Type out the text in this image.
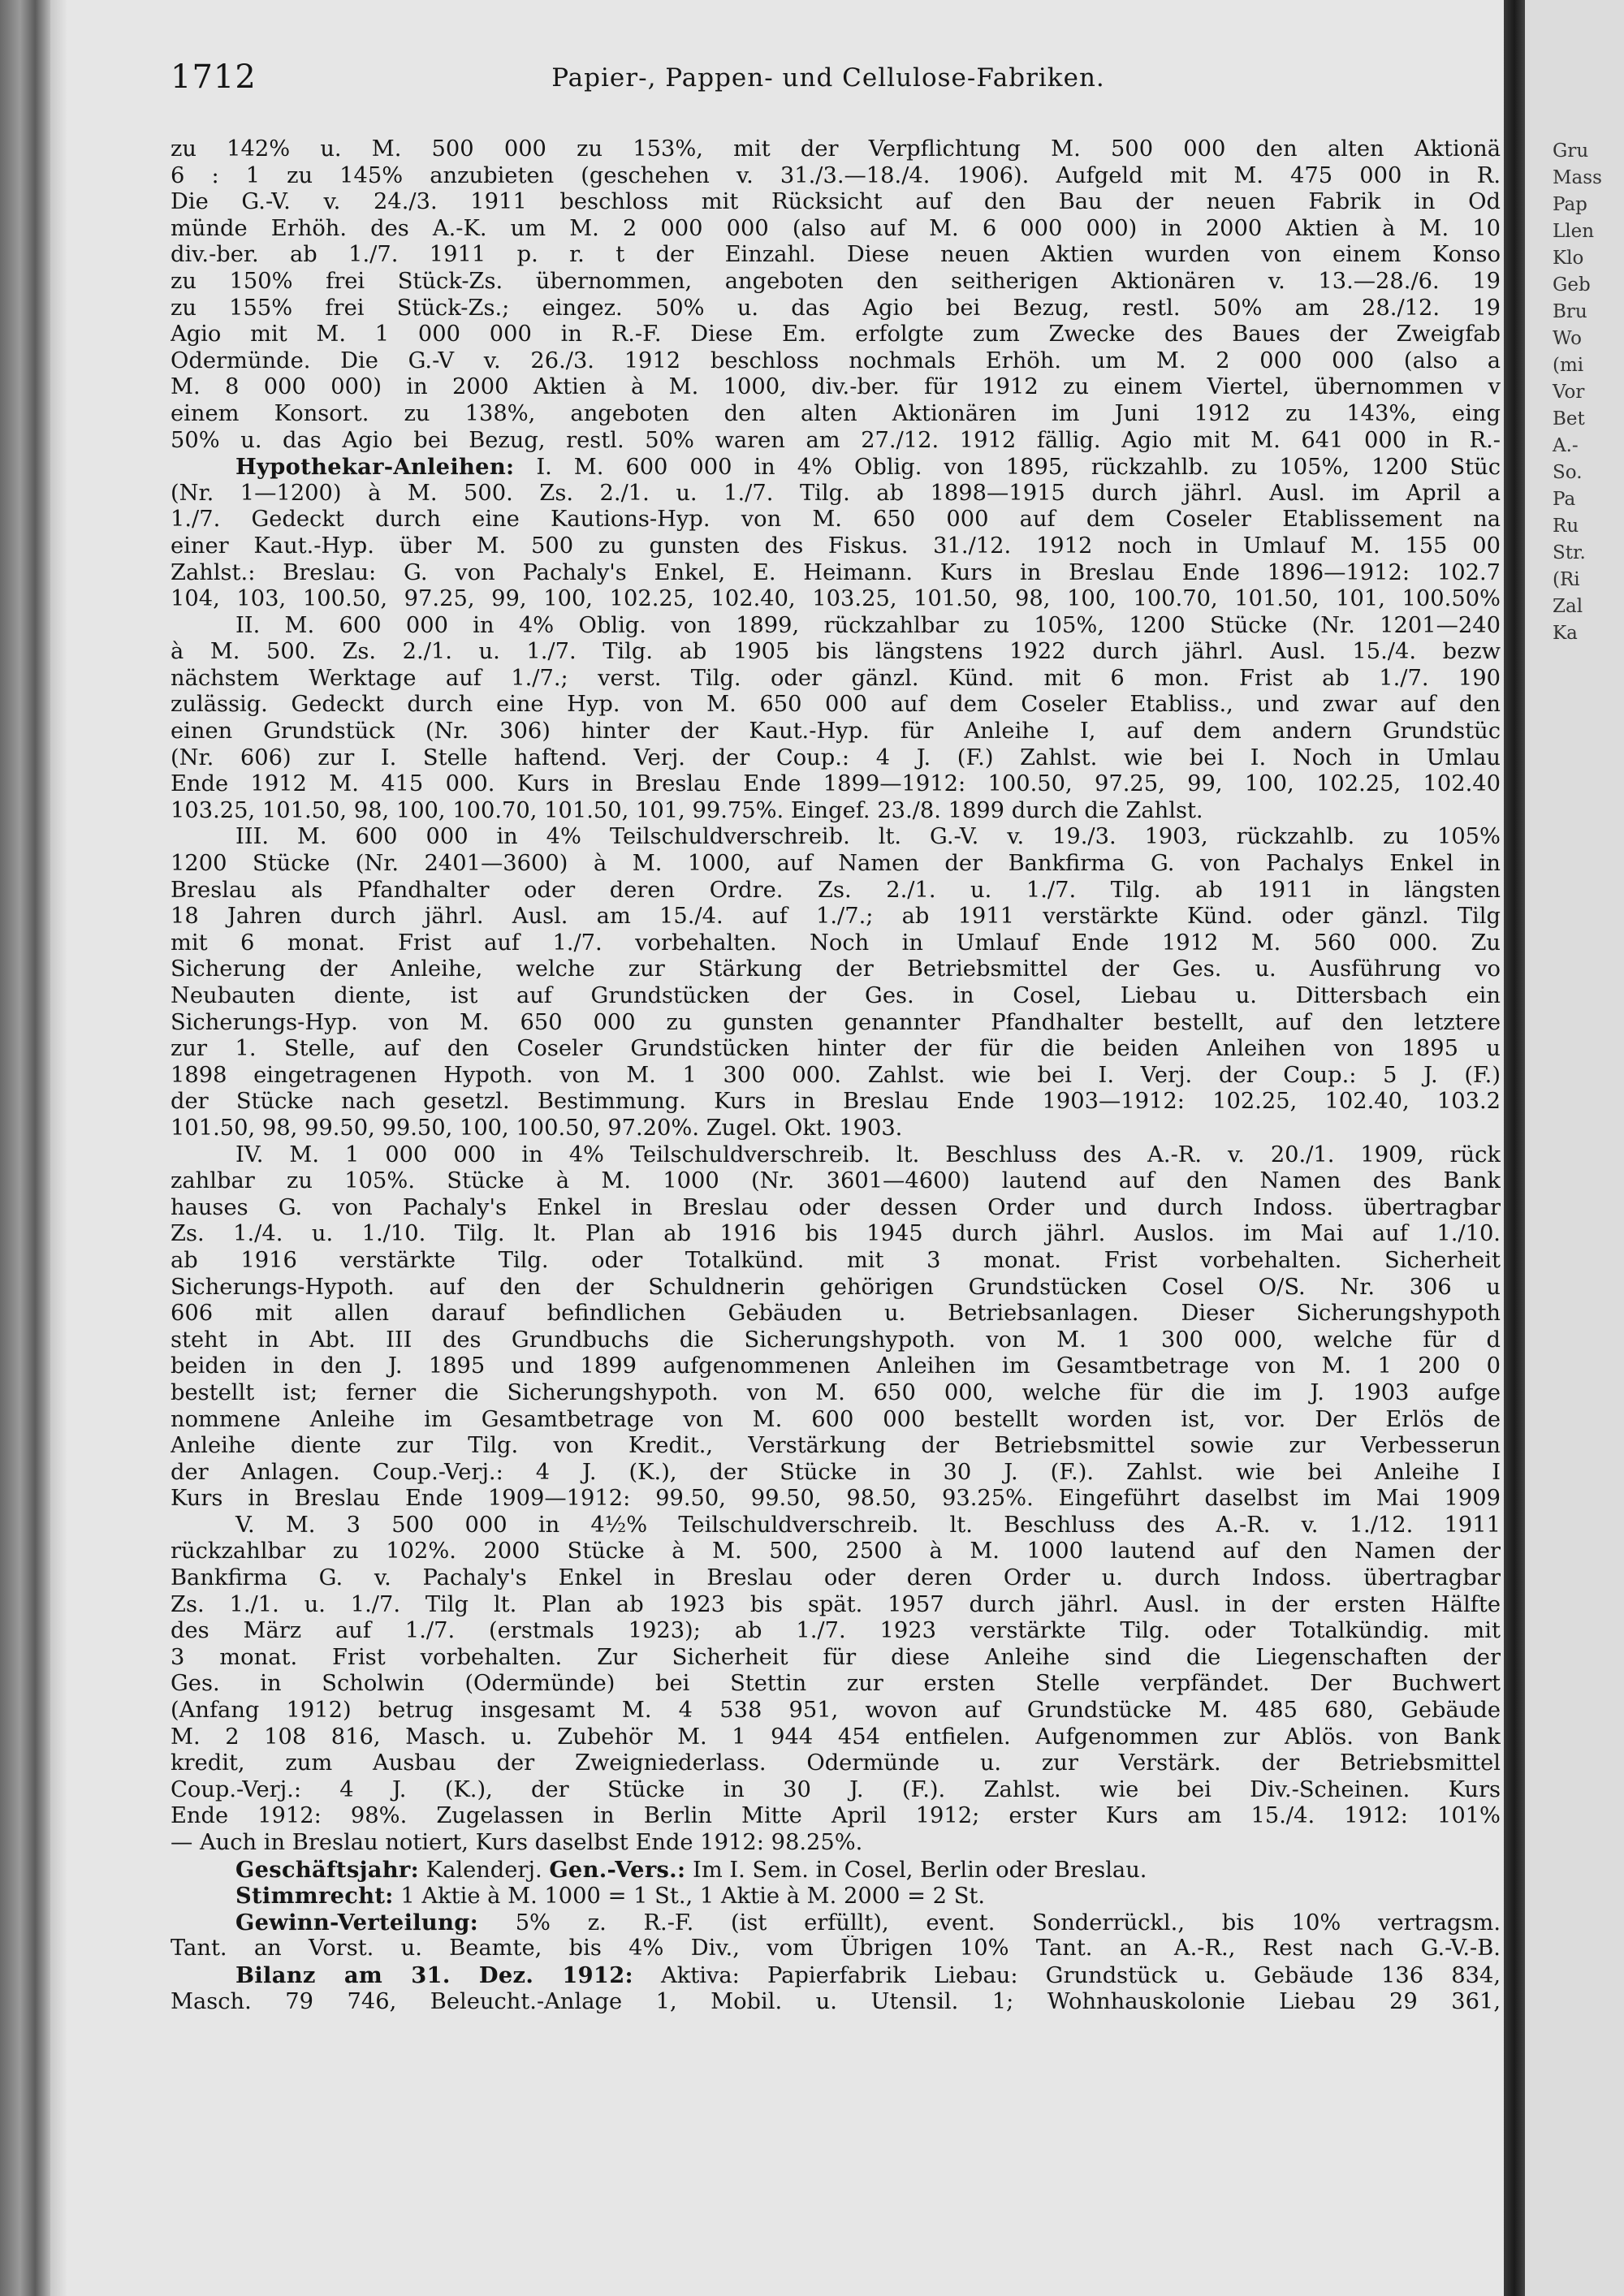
Gru
Mass
Pap
Llen
Klo
Geb
Bru
Wo
(mi
Vor
Bet
A.-
So.
Pa
Ru
Str.
(Ri
Zal
Ka
1712	Papier-, Pappen- und Cellulose-Fabriken.
zu 142% u. M. 500 000 zu 153%, mit der Verpflichtung M. 500 000 den alten Aktionä
6 : 1 zu 145% anzubieten (geschehen v. 31./3.—18./4. 1906). Aufgeld mit M. 475 000 in R.
Die G.-V. v. 24./3. 1911 beschloss mit Rücksicht auf den Bau der neuen Fabrik in Od
münde Erhöh. des A.-K. um M. 2 000 000 (also auf M. 6 000 000) in 2000 Aktien à M. 10
div.-ber. ab 1./7. 1911 p. r. t der Einzahl. Diese neuen Aktien wurden von einem Konso
zu 150% frei Stück-Zs. übernommen, angeboten den seitherigen Aktionären v. 13.—28./6. 19
zu 155% frei Stück-Zs.; eingez. 50% u. das Agio bei Bezug, restl. 50% am 28./12. 19
Agio mit M. 1 000 000 in R.-F. Diese Em. erfolgte zum Zwecke des Baues der Zweigfab
Odermünde. Die G.-V v. 26./3. 1912 beschloss nochmals Erhöh. um M. 2 000 000 (also a
M. 8 000 000) in 2000 Aktien à M. 1000, div.-ber. für 1912 zu einem Viertel, übernommen v
einem Konsort. zu 138%, angeboten den alten Aktionären im Juni 1912 zu 143%, eing
50% u. das Agio bei Bezug, restl. 50% waren am 27./12. 1912 fällig. Agio mit M. 641 000 in R.-
Hypothekar-Anleihen: I. M. 600 000 in 4% Oblig. von 1895, rückzahlb. zu 105%, 1200 Stüc
(Nr. 1—1200) à M. 500. Zs. 2./1. u. 1./7. Tilg. ab 1898—1915 durch jährl. Ausl. im April a
1./7. Gedeckt durch eine Kautions-Hyp. von M. 650 000 auf dem Coseler Etablissement na
einer Kaut.-Hyp. über M. 500 zu gunsten des Fiskus. 31./12. 1912 noch in Umlauf M. 155 00
Zahlst.: Breslau: G. von Pachaly's Enkel, E. Heimann. Kurs in Breslau Ende 1896—1912: 102.7
104, 103, 100.50, 97.25, 99, 100, 102.25, 102.40, 103.25, 101.50, 98, 100, 100.70, 101.50, 101, 100.50%
II. M. 600 000 in 4% Oblig. von 1899, rückzahlbar zu 105%, 1200 Stücke (Nr. 1201—240
à M. 500. Zs. 2./1. u. 1./7. Tilg. ab 1905 bis längstens 1922 durch jährl. Ausl. 15./4. bezw
nächstem Werktage auf 1./7.; verst. Tilg. oder gänzl. Künd. mit 6 mon. Frist ab 1./7. 190
zulässig. Gedeckt durch eine Hyp. von M. 650 000 auf dem Coseler Etabliss., und zwar auf den
einen Grundstück (Nr. 306) hinter der Kaut.-Hyp. für Anleihe I, auf dem andern Grundstüc
(Nr. 606) zur I. Stelle haftend. Verj. der Coup.: 4 J. (F.) Zahlst. wie bei I. Noch in Umlau
Ende 1912 M. 415 000. Kurs in Breslau Ende 1899—1912: 100.50, 97.25, 99, 100, 102.25, 102.40
103.25, 101.50, 98, 100, 100.70, 101.50, 101, 99.75%. Eingef. 23./8. 1899 durch die Zahlst.
III. M. 600 000 in 4% Teilschuldverschreib. lt. G.-V. v. 19./3. 1903, rückzahlb. zu 105%
1200 Stücke (Nr. 2401—3600) à M. 1000, auf Namen der Bankfirma G. von Pachalys Enkel in
Breslau als Pfandhalter oder deren Ordre. Zs. 2./1. u. 1./7. Tilg. ab 1911 in längsten
18 Jahren durch jährl. Ausl. am 15./4. auf 1./7.; ab 1911 verstärkte Künd. oder gänzl. Tilg
mit 6 monat. Frist auf 1./7. vorbehalten. Noch in Umlauf Ende 1912 M. 560 000. Zu
Sicherung der Anleihe, welche zur Stärkung der Betriebsmittel der Ges. u. Ausführung vo
Neubauten diente, ist auf Grundstücken der Ges. in Cosel, Liebau u. Dittersbach ein
Sicherungs-Hyp. von M. 650 000 zu gunsten genannter Pfandhalter bestellt, auf den letztere
zur 1. Stelle, auf den Coseler Grundstücken hinter der für die beiden Anleihen von 1895 u
1898 eingetragenen Hypoth. von M. 1 300 000. Zahlst. wie bei I. Verj. der Coup.: 5 J. (F.)
der Stücke nach gesetzl. Bestimmung. Kurs in Breslau Ende 1903—1912: 102.25, 102.40, 103.2
101.50, 98, 99.50, 99.50, 100, 100.50, 97.20%. Zugel. Okt. 1903.
IV. M. 1 000 000 in 4% Teilschuldverschreib. lt. Beschluss des A.-R. v. 20./1. 1909, rück
zahlbar zu 105%. Stücke à M. 1000 (Nr. 3601—4600) lautend auf den Namen des Bank
hauses G. von Pachaly's Enkel in Breslau oder dessen Order und durch Indoss. übertragbar
Zs. 1./4. u. 1./10. Tilg. lt. Plan ab 1916 bis 1945 durch jährl. Auslos. im Mai auf 1./10.
ab 1916 verstärkte Tilg. oder Totalkünd. mit 3 monat. Frist vorbehalten. Sicherheit
Sicherungs-Hypoth. auf den der Schuldnerin gehörigen Grundstücken Cosel O/S. Nr. 306 u
606 mit allen darauf befindlichen Gebäuden u. Betriebsanlagen. Dieser Sicherungshypoth
steht in Abt. III des Grundbuchs die Sicherungshypoth. von M. 1 300 000, welche für d
beiden in den J. 1895 und 1899 aufgenommenen Anleihen im Gesamtbetrage von M. 1 200 0
bestellt ist; ferner die Sicherungshypoth. von M. 650 000, welche für die im J. 1903 aufge
nommene Anleihe im Gesamtbetrage von M. 600 000 bestellt worden ist, vor. Der Erlös de
Anleihe diente zur Tilg. von Kredit., Verstärkung der Betriebsmittel sowie zur Verbesserun
der Anlagen. Coup.-Verj.: 4 J. (K.), der Stücke in 30 J. (F.). Zahlst. wie bei Anleihe I
Kurs in Breslau Ende 1909—1912: 99.50, 99.50, 98.50, 93.25%. Eingeführt daselbst im Mai 1909
V. M. 3 500 000 in 4½% Teilschuldverschreib. lt. Beschluss des A.-R. v. 1./12. 1911
rückzahlbar zu 102%. 2000 Stücke à M. 500, 2500 à M. 1000 lautend auf den Namen der
Bankfirma G. v. Pachaly's Enkel in Breslau oder deren Order u. durch Indoss. übertragbar
Zs. 1./1. u. 1./7. Tilg lt. Plan ab 1923 bis spät. 1957 durch jährl. Ausl. in der ersten Hälfte
des März auf 1./7. (erstmals 1923); ab 1./7. 1923 verstärkte Tilg. oder Totalkündig. mit
3 monat. Frist vorbehalten. Zur Sicherheit für diese Anleihe sind die Liegenschaften der
Ges. in Scholwin (Odermünde) bei Stettin zur ersten Stelle verpfändet. Der Buchwert
(Anfang 1912) betrug insgesamt M. 4 538 951, wovon auf Grundstücke M. 485 680, Gebäude
M. 2 108 816, Masch. u. Zubehör M. 1 944 454 entfielen. Aufgenommen zur Ablös. von Bank
kredit, zum Ausbau der Zweigniederlass. Odermünde u. zur Verstärk. der Betriebsmittel
Coup.-Verj.: 4 J. (K.), der Stücke in 30 J. (F.). Zahlst. wie bei Div.-Scheinen. Kurs
Ende 1912: 98%. Zugelassen in Berlin Mitte April 1912; erster Kurs am 15./4. 1912: 101%
— Auch in Breslau notiert, Kurs daselbst Ende 1912: 98.25%.
Geschäftsjahr: Kalenderj. Gen.-Vers.: Im I. Sem. in Cosel, Berlin oder Breslau.
Stimmrecht: 1 Aktie à M. 1000 = 1 St., 1 Aktie à M. 2000 = 2 St.
Gewinn-Verteilung: 5% z. R.-F. (ist erfüllt), event. Sonderrückl., bis 10% vertragsm.
Tant. an Vorst. u. Beamte, bis 4% Div., vom Übrigen 10% Tant. an A.-R., Rest nach G.-V.-B.
Bilanz am 31. Dez. 1912: Aktiva: Papierfabrik Liebau: Grundstück u. Gebäude 136 834,
Masch. 79 746, Beleucht.-Anlage 1, Mobil. u. Utensil. 1; Wohnhauskolonie Liebau 29 361,
